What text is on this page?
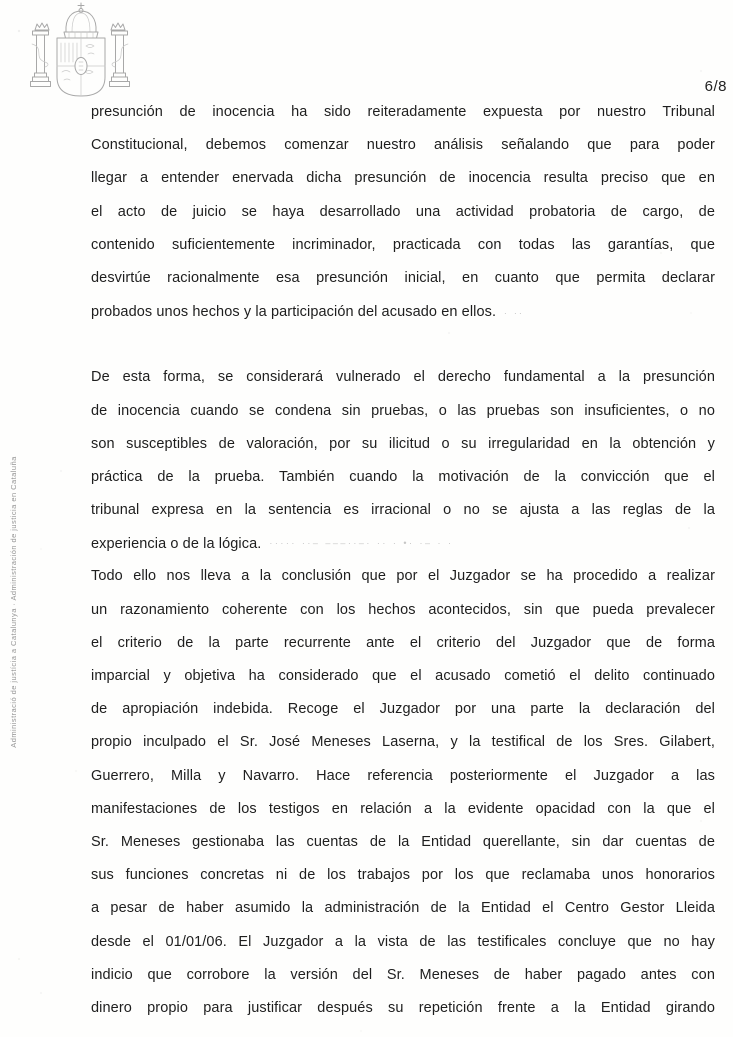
6/8
Administració de justícia a Catalunya · Administración de justicia en Cataluña
presunción de inocencia ha sido reiteradamente expuesta por nuestro Tribunal
Constitucional, debemos comenzar nuestro análisis señalando que para poder
llegar a entender enervada dicha presunción de inocencia resulta preciso que en
el acto de juicio se haya desarrollado una actividad probatoria de cargo, de
contenido suficientemente incriminador, practicada con todas las garantías, que
desvirtúe racionalmente esa presunción inicial, en cuanto que permita declarar
probados unos hechos y la participación del acusado en ellos. . ..
De esta forma, se considerará vulnerado el derecho fundamental a la presunción
de inocencia cuando se condena sin pruebas, o las pruebas son insuficientes, o no
son susceptibles de valoración, por su ilicitud o su irregularidad en la obtención y
práctica de la prueba. También cuando la motivación de la convicción que el
tribunal expresa en la sentencia es irracional o no se ajusta a las reglas de la
experiencia o de la lógica. ····· ··– –––··–· ·· · •· ·– · ·
Todo ello nos lleva a la conclusión que por el Juzgador se ha procedido a realizar
un razonamiento coherente con los hechos acontecidos, sin que pueda prevalecer
el criterio de la parte recurrente ante el criterio del Juzgador que de forma
imparcial y objetiva ha considerado que el acusado cometió el delito continuado
de apropiación indebida. Recoge el Juzgador por una parte la declaración del
propio inculpado el Sr. José Meneses Laserna, y la testifical de los Sres. Gilabert,
Guerrero, Milla y Navarro. Hace referencia posteriormente el Juzgador a las
manifestaciones de los testigos en relación a la evidente opacidad con la que el
Sr. Meneses gestionaba las cuentas de la Entidad querellante, sin dar cuentas de
sus funciones concretas ni de los trabajos por los que reclamaba unos honorarios
a pesar de haber asumido la administración de la Entidad el Centro Gestor Lleida
desde el 01/01/06. El Juzgador a la vista de las testificales concluye que no hay
indicio que corrobore la versión del Sr. Meneses de haber pagado antes con
dinero propio para justificar después su repetición frente a la Entidad girando
